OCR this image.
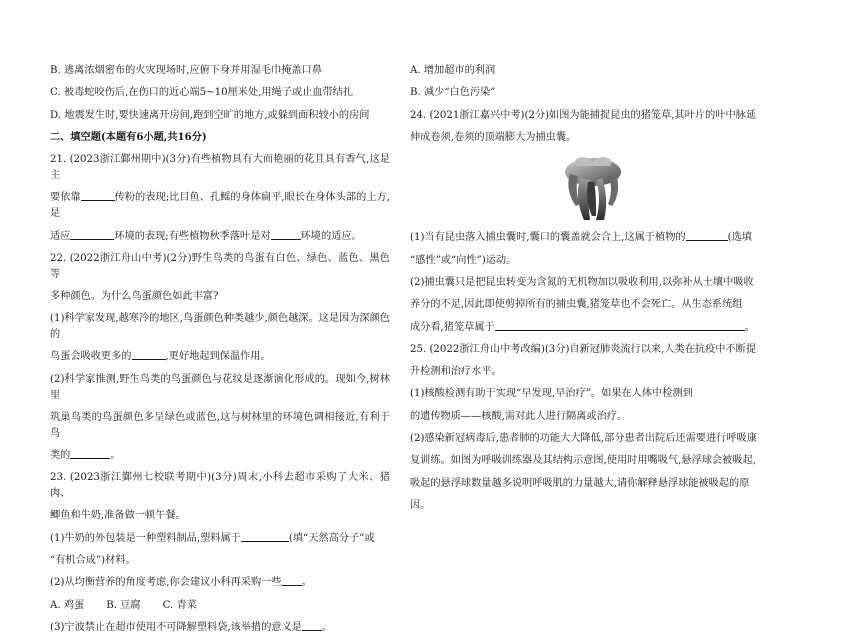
B. 逃离浓烟密布的火灾现场时,应俯下身并用湿毛巾掩盖口鼻

C. 被毒蛇咬伤后,在伤口的近心端5~10厘米处,用绳子或止血带结扎

D. 地震发生时,要快速离开房间,跑到空旷的地方,或躲到面积较小的房间

二、填空题(本题有6小题,共16分)

21. (2023浙江鄞州期中)(3分)有些植物具有大而艳丽的花且具有香气,这是主

要依靠	传粉的表现;比目鱼、孔鳐的身体扁平,眼长在身体头部的上方,是

适应	环境的表现;有些植物秋季落叶是对	环境的适应。

22. (2022浙江舟山中考)(2分)野生鸟类的鸟蛋有白色、绿色、蓝色、黑色等

多种颜色。为什么鸟蛋颜色如此丰富?

(1)科学家发现,越寒冷的地区,鸟蛋颜色种类越少,颜色越深。这是因为深颜色的

鸟蛋会吸收更多的	,更好地起到保温作用。

(2)科学家推测,野生鸟类的鸟蛋颜色与花纹是逐渐演化形成的。现如今,树林里

筑巢鸟类的鸟蛋颜色多呈绿色或蓝色,这与树林里的环境色调相接近,有利于鸟

类的	。

23. (2023浙江鄞州七校联考期中)(3分)周末,小科去超市采购了大米、猪肉、

鲫鱼和牛奶,准备做一顿午餐。

(1)牛奶的外包装是一种塑料制品,塑料属于	(填“天然高分子”或

“有机合成”)材料。

(2)从均衡营养的角度考虑,你会建议小科再采购一些 。

A. 鸡蛋 B. 豆腐 C. 青菜

(3)宁波禁止在超市使用不可降解塑料袋,该举措的意义是 。

A. 增加超市的利润

B. 减少“白色污染”

24. (2021浙江嘉兴中考)(2分)如图为能捕捉昆虫的猪笼草,其叶片的叶中脉延

伸成卷须,卷须的顶端膨大为捕虫囊。

(1)当有昆虫落入捕虫囊时,囊口的囊盖就会合上,这属于植物的	(选填

“感性”或“向性”)运动。

(2)捕虫囊只是把昆虫转变为含氮的无机物加以吸收利用,以弥补从土壤中吸收

养分的不足,因此即使剪掉所有的捕虫囊,猪笼草也不会死亡。从生态系统组

成分看,猪笼草属于	。

25. (2022浙江舟山中考改编)(3分)自新冠肺炎流行以来,人类在抗疫中不断提

升检测和治疗水平。

(1)核酸检测有助于实现“早发现,早治疗”。如果在人体中检测到

的遗传物质——核酸,需对此人进行隔离或治疗。

(2)感染新冠病毒后,患者肺的功能大大降低,部分患者出院后还需要进行呼吸康

复训练。如图为呼吸训练器及其结构示意图,使用时用嘴吸气,悬浮球会被吸起,

吸起的悬浮球数量越多说明呼吸肌的力量越大,请你解释悬浮球能被吸起的原

因。
